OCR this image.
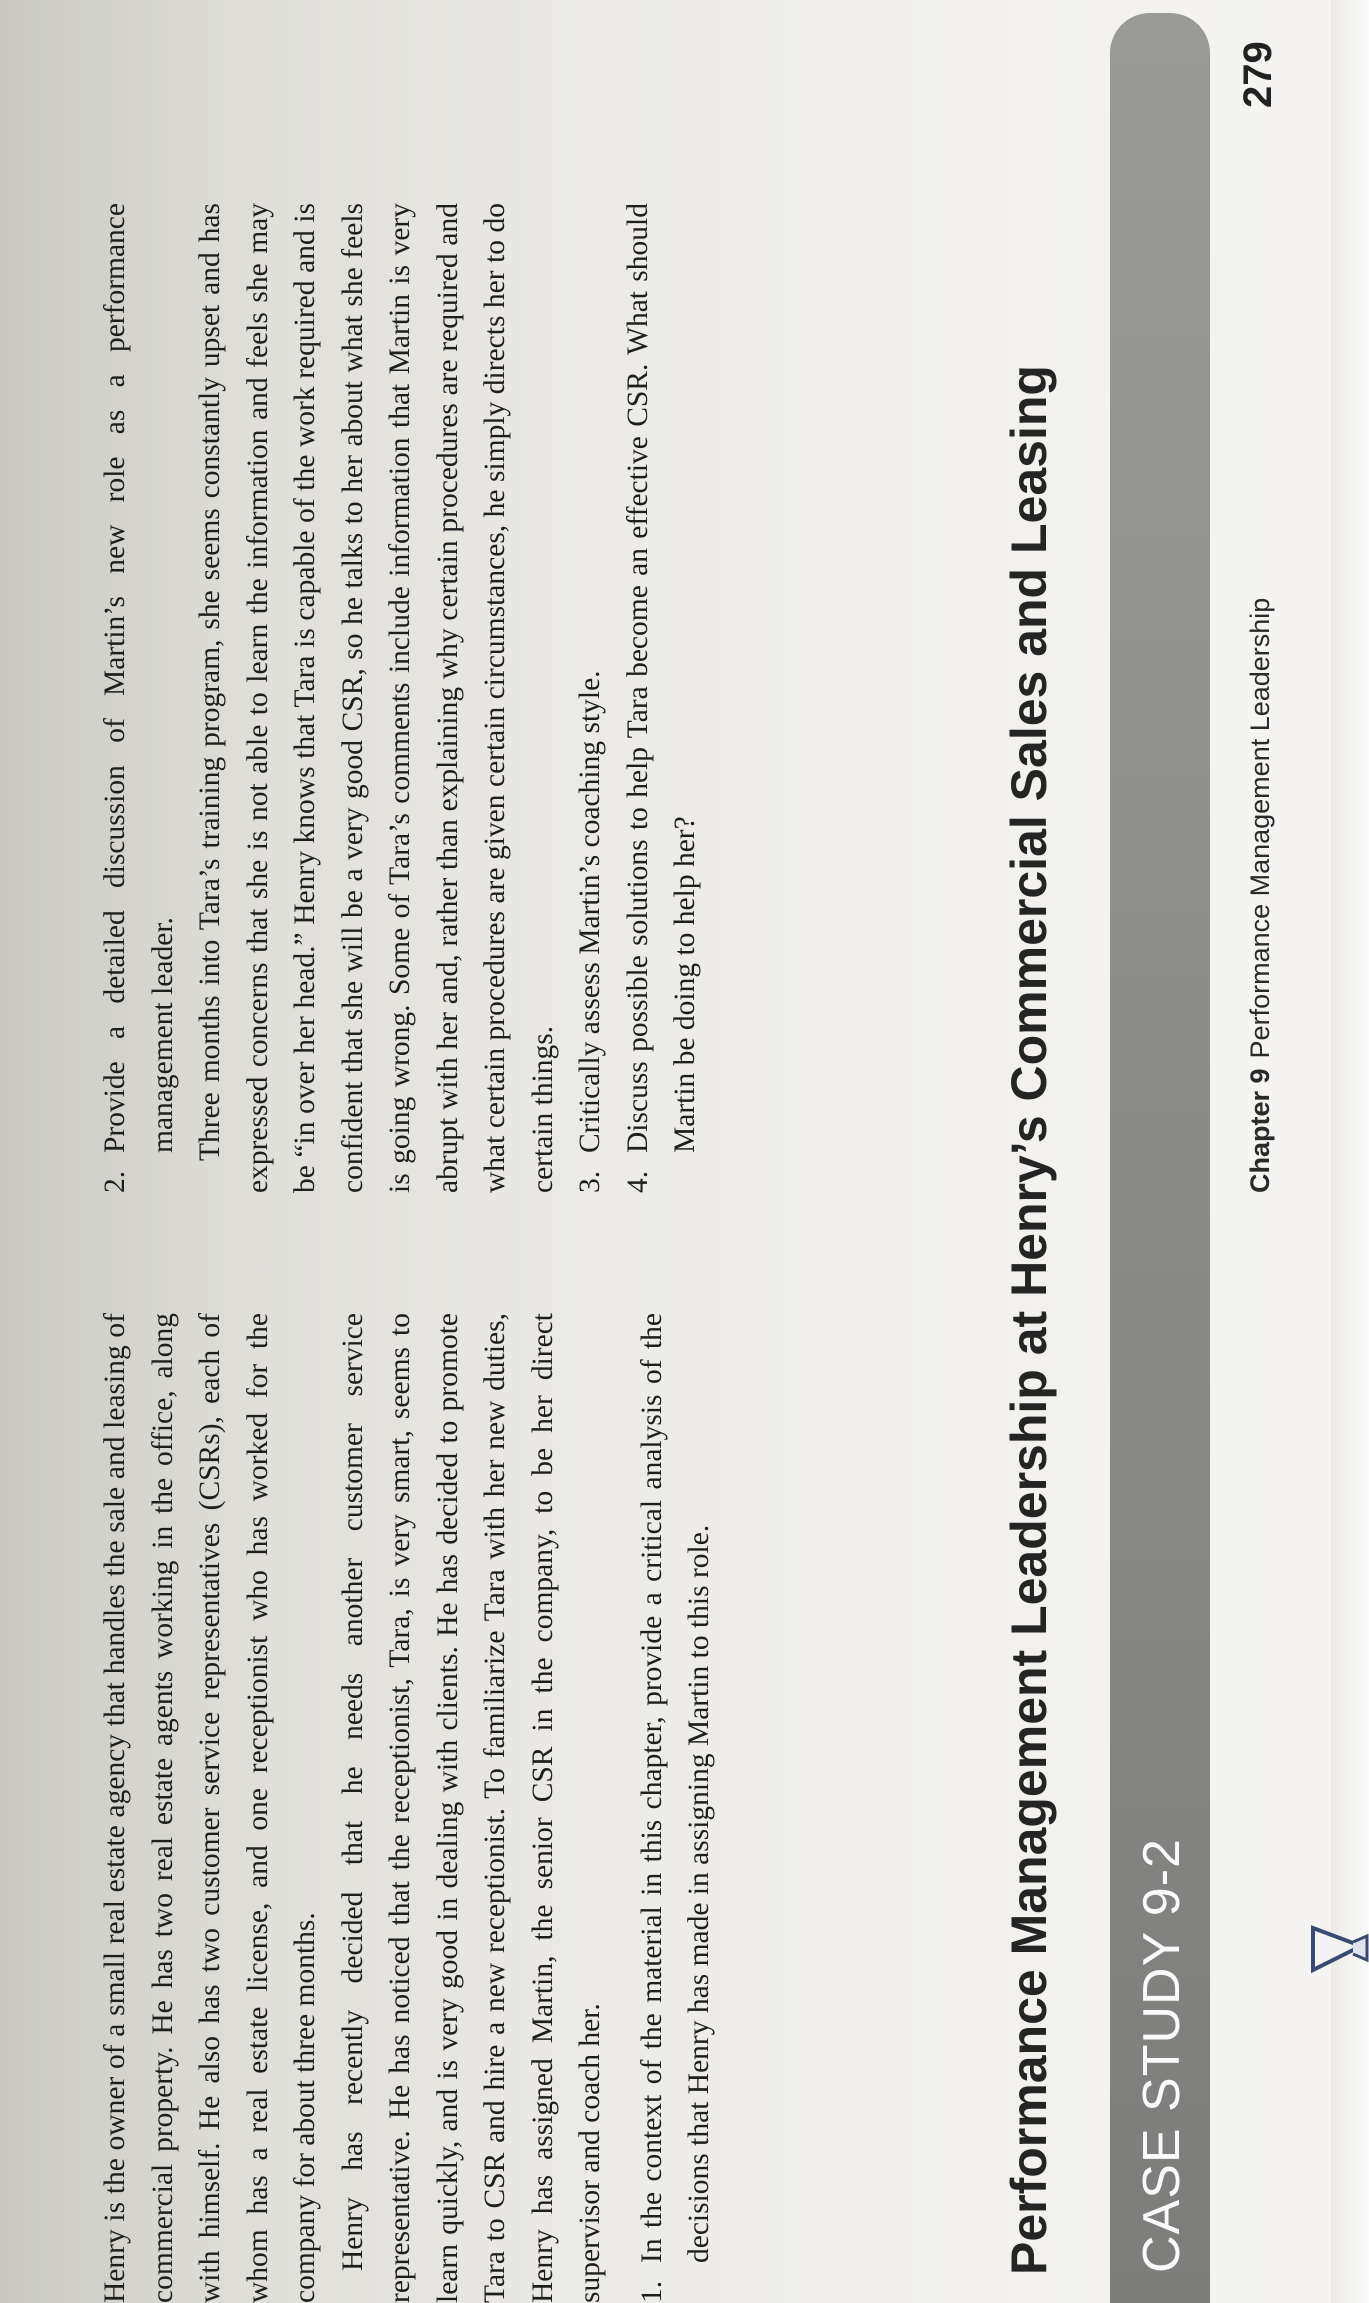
Chapter 9Performance Management Leadership
279
CASE STUDY 9-2
Performance Management Leadership at Henry’s Commercial Sales and Leasing

Henry is the owner of a small real estate agency that handles the sale and leasing of commercial property. He has two real estate agents working in the office, along with himself. He also has two customer service representatives (CSRs), each of whom has a real estate license, and one receptionist who has worked for the company for about three months. Henry has recently decided that he needs another customer service representative. He has noticed that the receptionist, Tara, is very smart, seems to learn quickly, and is very good in dealing with clients. He has decided to promote Tara to CSR and hire a new receptionist. To familiarize Tara with her new duties, Henry has assigned Martin, the senior CSR in the company, to be her direct supervisor and coach her. 1.
In the context of the material in this chapter, provide a critical analysis of the decisions that Henry has made in assigning Martin to this role.
2.
Provide a detailed discussion of Martin’s new role as a performance management leader. Three months into Tara’s training program, she seems constantly upset and has expressed concerns that she is not able to learn the information and feels she may be “in over her head.” Henry knows that Tara is capable of the work required and is confident that she will be a very good CSR, so he talks to her about what she feels is going wrong. Some of Tara’s comments include information that Martin is very abrupt with her and, rather than explaining why certain procedures are required and what certain procedures are given certain circumstances, he simply directs her to do certain things. 3.
Critically assess Martin’s coaching style.
4.
Discuss possible solutions to help Tara become an effective CSR. What should Martin be doing to help her?
